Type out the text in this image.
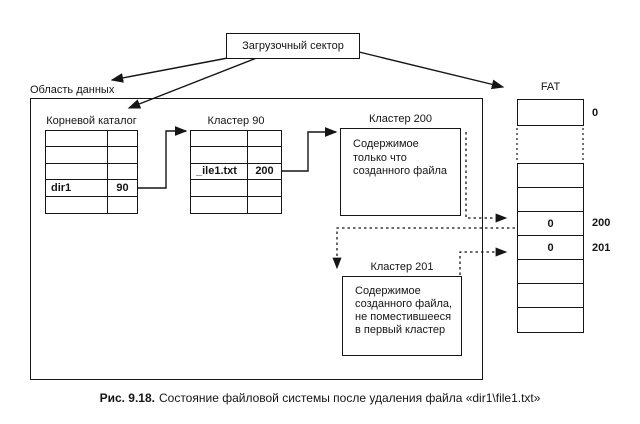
Загрузочный сектор
Область данных
Корневой каталог
dir1	90
Кластер 90
_ile1.txt	200
Кластер 200
Содержимое только что созданного файла
Кластер 201
Содержимое созданного файла, не поместившееся в первый кластер
FAT
0
0
0
200
201
Рис. 9.18. Состояние файловой системы после удаления файла «dir1\file1.txt»
